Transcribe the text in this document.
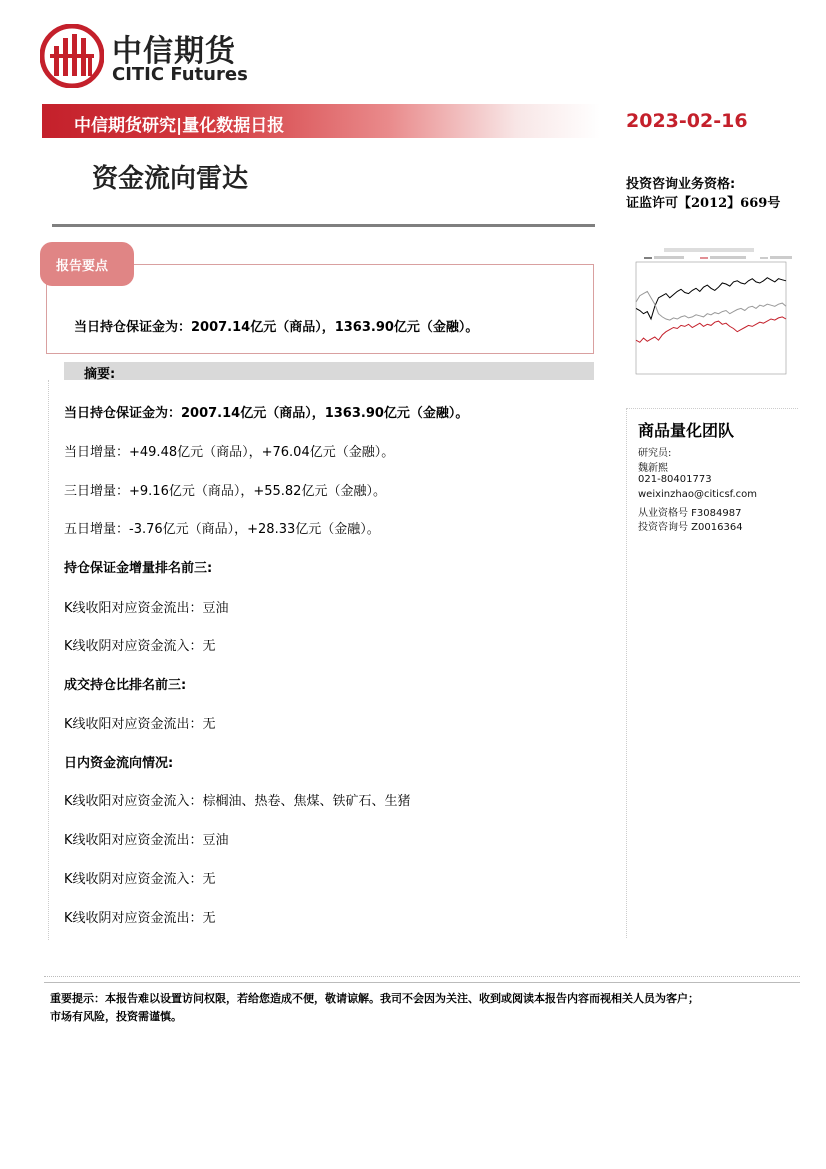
中信期货
CITIC Futures
中信期货研究|量化数据日报	2023-02-16
资金流向雷达	投资咨询业务资格:
证监许可【2012】669号
报告要点
当日持仓保证金为：2007.14亿元（商品），1363.90亿元（金融）。
摘要:
当日持仓保证金为：2007.14亿元（商品），1363.90亿元（金融）。
当日增量：+49.48亿元（商品），+76.04亿元（金融）。
三日增量：+9.16亿元（商品），+55.82亿元（金融）。
五日增量：-3.76亿元（商品），+28.33亿元（金融）。
持仓保证金增量排名前三:
K线收阳对应资金流出：豆油
K线收阴对应资金流入：无
成交持仓比排名前三:
K线收阳对应资金流出：无
日内资金流向情况:
K线收阳对应资金流入：棕榈油、热卷、焦煤、铁矿石、生猪
K线收阳对应资金流出：豆油
K线收阴对应资金流入：无
K线收阴对应资金流出：无
商品量化团队
研究员:
魏新熙
021-80401773
weixinzhao@citicsf.com
从业资格号 F3084987
投资咨询号 Z0016364
重要提示：本报告难以设置访问权限，若给您造成不便，敬请谅解。我司不会因为关注、收到或阅读本报告内容而视相关人员为客户；
市场有风险，投资需谨慎。
